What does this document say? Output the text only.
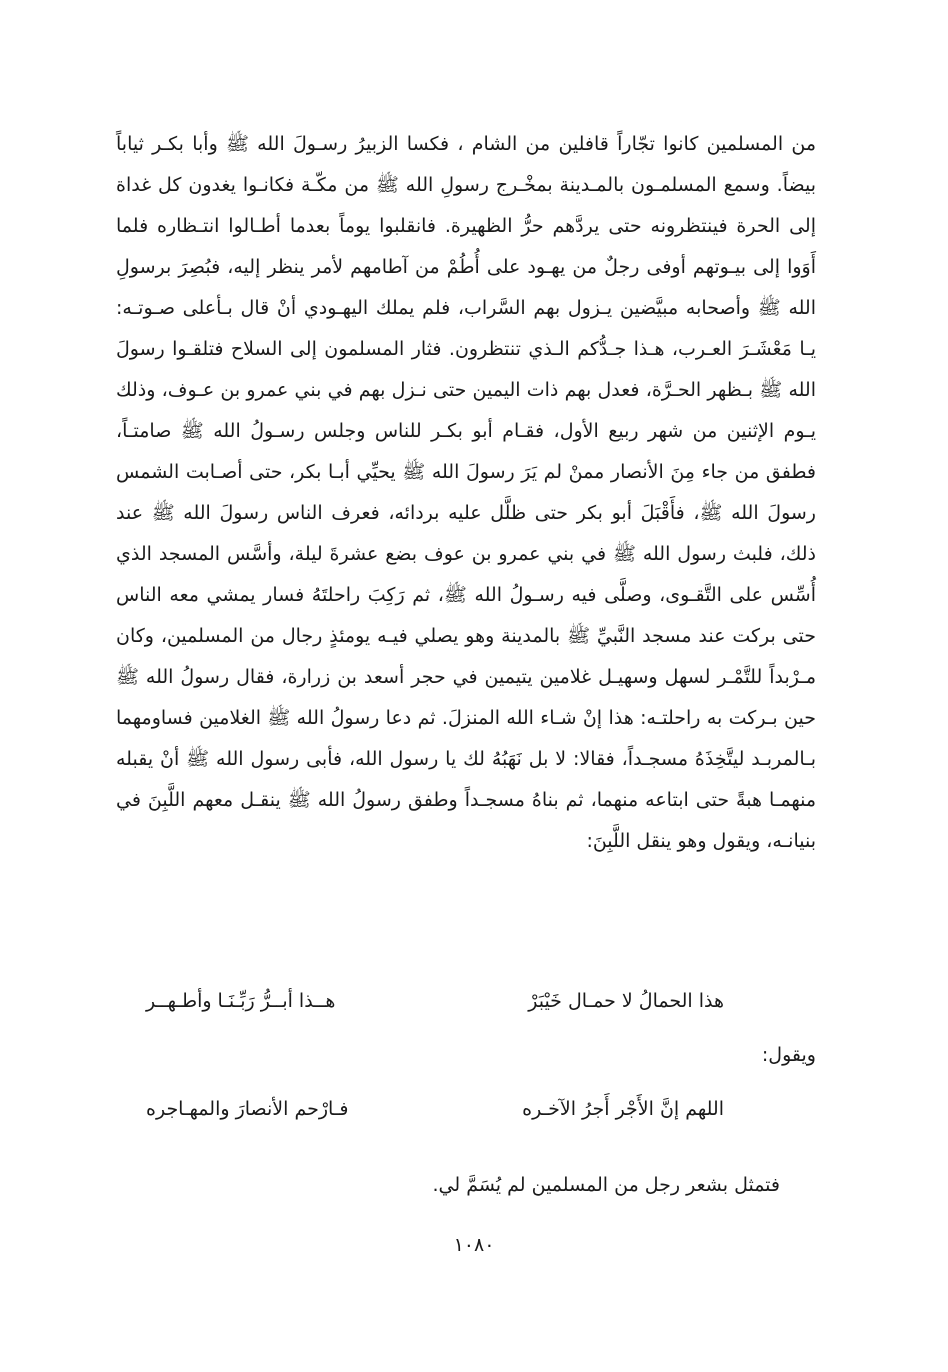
من المسلمين كانوا تجّاراً قافلين من الشام ، فكسا الزبيرُ رسـولَ الله ﷺ وأبا بكـر ثياباً بيضاً. وسمع المسلمـون بالمـدينة بمخْـرج رسولِ الله ﷺ من مكّـة فكانـوا يغدون كل غداة إلى الحرة فينتظرونه حتى يردَّهم حرُّ الظهيرة. فانقلبوا يوماً بعدما أطـالوا انتـظاره فلما أَوَوا إلى بيـوتهم أوفى رجلٌ من يهـود على أُطُمْ من آطامهم لأمر ينظر إليه، فبُصِرَ برسولِ الله ﷺ وأصحابه مبيَّضين يـزول بهم السَّراب، فلم يملك اليهـودي أنْ قال بـأعلى صـوتـه: يـا مَعْشَـرَ العـرب، هـذا جـدُّكم الـذي تنتظرون. فثار المسلمون إلى السلاح فتلقـوا رسولَ الله ﷺ بـظهر الحـرَّة، فعدل بهم ذات اليمين حتى نـزل بهم في بني عمرو بن عـوف، وذلك يـوم الإثنين من شهر ربيع الأول، فقـام أبو بكـر للناس وجلس رسـولُ الله ﷺ صامتـاً، فطفق من جاء مِنَ الأنصار ممنْ لم يَرَ رسولَ الله ﷺ يحيِّي أبـا بكر، حتى أصـابت الشمس رسولَ الله ﷺ، فأَقْبَلَ أبو بكر حتى ظلَّل عليه بردائه، فعرف الناس رسولَ الله ﷺ عند ذلك، فلبث رسول الله ﷺ في بني عمرو بن عوف بضع عشرةَ ليلة، وأسَّس المسجد الذي أُسِّس على التَّقـوى، وصلَّى فيه رسـولُ الله ﷺ، ثم رَكِبَ راحلتَهُ فسار يمشي معه الناس حتى بركت عند مسجد النَّبيِّ ﷺ بالمدينة وهو يصلي فيـه يومئذٍ رجال من المسلمين، وكان مـرْبداً للتَّمْـر لسهل وسهيـل غلامين يتيمين في حجر أسعد بن زرارة، فقال رسولُ الله ﷺ حين بـركت به راحلتـه: هذا إنْ شـاء الله المنزلَ. ثم دعا رسولُ الله ﷺ الغلامين فساومهما بـالمربـد ليتَّخِذَهُ مسجـداً، فقالا: لا بل نَهَبُهُ لك يا رسول الله، فأبى رسول الله ﷺ أنْ يقبله منهمـا هبةً حتى ابتاعه منهما، ثم بناهُ مسجـداً وطفق رسولُ الله ﷺ ينقـل معهم اللَّبِنَ في بنيانـه، ويقول وهو ينقل اللَّبِنَ:

هذا الحمالُ لا حمـال خَيْبَرْ
هــذا أبــرُّ رَبِّـنَـا وأطـهــر
ويقول:
اللهم إنَّ الأَجْر أَجرُ الآخـره
فـارْحم الأنصارَ والمهـاجره
فتمثل بشعر رجل من المسلمين لم يُسَمَّ لي.
١٠٨٠
